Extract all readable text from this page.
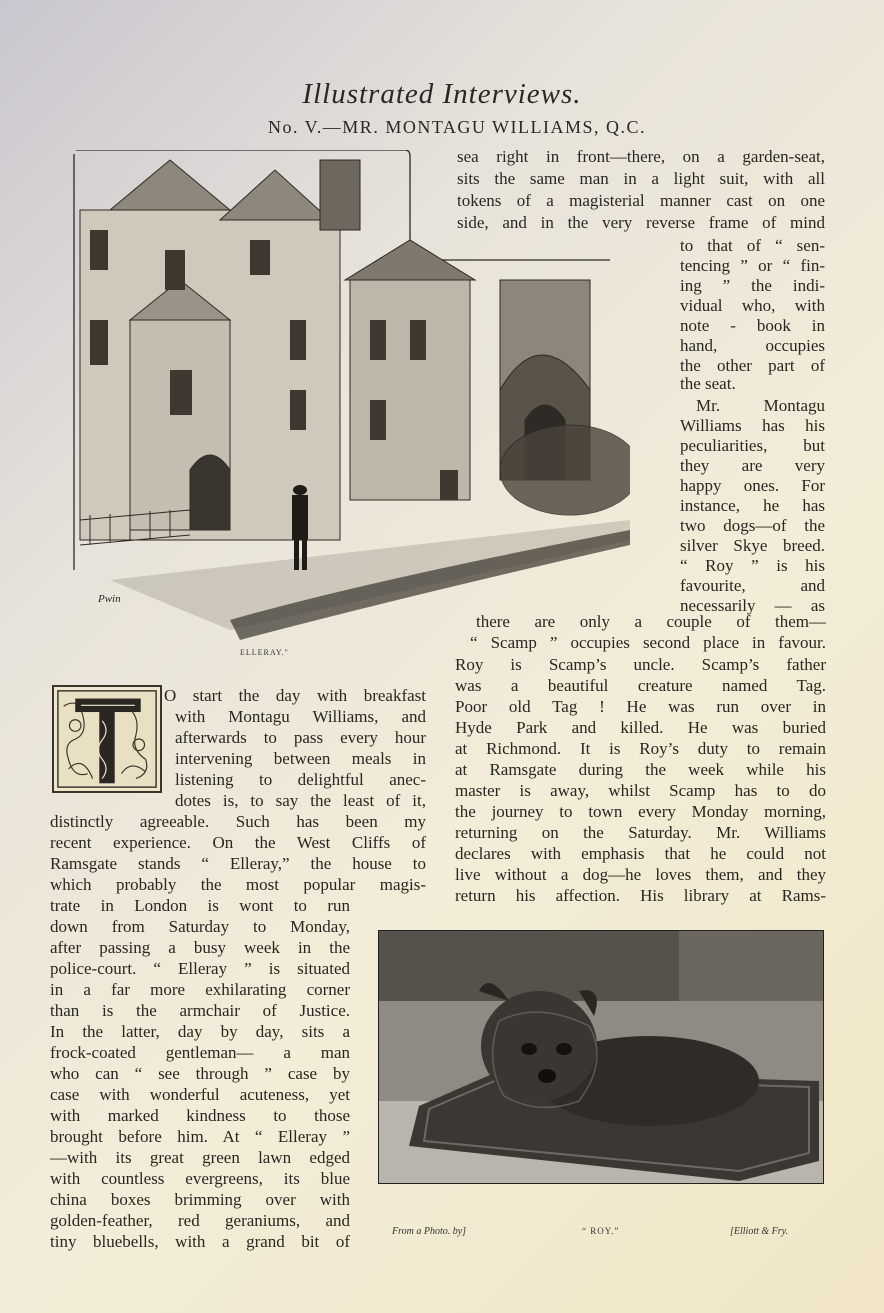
Illustrated Interviews.
No. V.—MR. MONTAGU WILLIAMS, Q.C.
Pwin
ELLERAY."
sea right in front—there, on a garden-seat,
sits the same man in a light suit, with all
tokens of a magisterial manner cast on one
side, and in the very reverse frame of mind
to that of “ sen-
tencing ” or “ fin-
ing ” the indi-
vidual who, with
note - book in
hand, occupies
the other part of
the seat.
Mr. Montagu
Williams has his
peculiarities, but
they are very
happy ones. For
instance, he has
two dogs—of the
silver Skye breed.
“ Roy ” is his
favourite, and
necessarily — as
there are only a couple of them—
“ Scamp ” occupies second place in favour.
Roy is Scamp’s uncle. Scamp’s father
was a beautiful creature named Tag.
Poor old Tag ! He was run over in
Hyde Park and killed. He was buried
at Richmond. It is Roy’s duty to remain
at Ramsgate during the week while his
master is away, whilst Scamp has to do
the journey to town every Monday morning,
returning on the Saturday. Mr. Williams
declares with emphasis that he could not
live without a dog—he loves them, and they
return his affection. His library at Rams-
O start the day with breakfast
with Montagu Williams, and
afterwards to pass every hour
intervening between meals in
listening to delightful anec-
dotes is, to say the least of it,
distinctly agreeable. Such has been my
recent experience. On the West Cliffs of
Ramsgate stands “ Elleray,” the house to
which probably the most popular magis-
trate in London is wont to run
down from Saturday to Monday,
after passing a busy week in the
police-court. “ Elleray ” is situated
in a far more exhilarating corner
than is the armchair of Justice.
In the latter, day by day, sits a
frock-coated gentleman— a man
who can “ see through ” case by
case with wonderful acuteness, yet
with marked kindness to those
brought before him. At “ Elleray ”
—with its great green lawn edged
with countless evergreens, its blue
china boxes brimming over with
golden-feather, red geraniums, and
tiny bluebells, with a grand bit of
From a Photo. by]	“ ROY.”	[Elliott & Fry.
